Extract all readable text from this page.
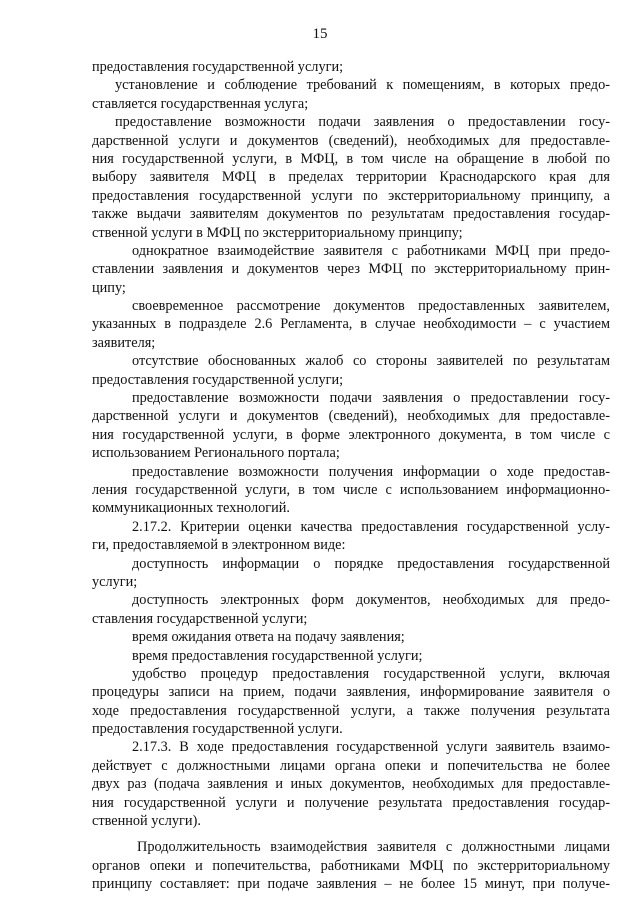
15
предоставления государственной услуги;
установление и соблюдение требований к помещениям, в которых предо-
ставляется государственная услуга;
предоставление возможности подачи заявления о предоставлении госу-
дарственной услуги и документов (сведений), необходимых для предоставле-
ния государственной услуги, в МФЦ, в том числе на обращение в любой по
выбору заявителя МФЦ в пределах территории Краснодарского края для
предоставления государственной услуги по экстерриториальному принципу, а
также выдачи заявителям документов по результатам предоставления государ-
ственной услуги в МФЦ по экстерриториальному принципу;
однократное взаимодействие заявителя с работниками МФЦ при предо-
ставлении заявления и документов через МФЦ по экстерриториальному прин-
ципу;
своевременное рассмотрение документов предоставленных заявителем,
указанных в подразделе 2.6 Регламента, в случае необходимости – с участием
заявителя;
отсутствие обоснованных жалоб со стороны заявителей по результатам
предоставления государственной услуги;
предоставление возможности подачи заявления о предоставлении госу-
дарственной услуги и документов (сведений), необходимых для предоставле-
ния государственной услуги, в форме электронного документа, в том числе с
использованием Регионального портала;
предоставление возможности получения информации о ходе предостав-
ления государственной услуги, в том числе с использованием информационно-
коммуникационных технологий.
2.17.2. Критерии оценки качества предоставления государственной услу-
ги, предоставляемой в электронном виде:
доступность информации о порядке предоставления государственной
услуги;
доступность электронных форм документов, необходимых для предо-
ставления государственной услуги;
время ожидания ответа на подачу заявления;
время предоставления государственной услуги;
удобство процедур предоставления государственной услуги, включая
процедуры записи на прием, подачи заявления, информирование заявителя о
ходе предоставления государственной услуги, а также получения результата
предоставления государственной услуги.
2.17.3. В ходе предоставления государственной услуги заявитель взаимо-
действует с должностными лицами органа опеки и попечительства не более
двух раз (подача заявления и иных документов, необходимых для предоставле-
ния государственной услуги и получение результата предоставления государ-
ственной услуги).
Продолжительность взаимодействия заявителя с должностными лицами
органов опеки и попечительства, работниками МФЦ по экстерриториальному
принципу составляет: при подаче заявления – не более 15 минут, при получе-
